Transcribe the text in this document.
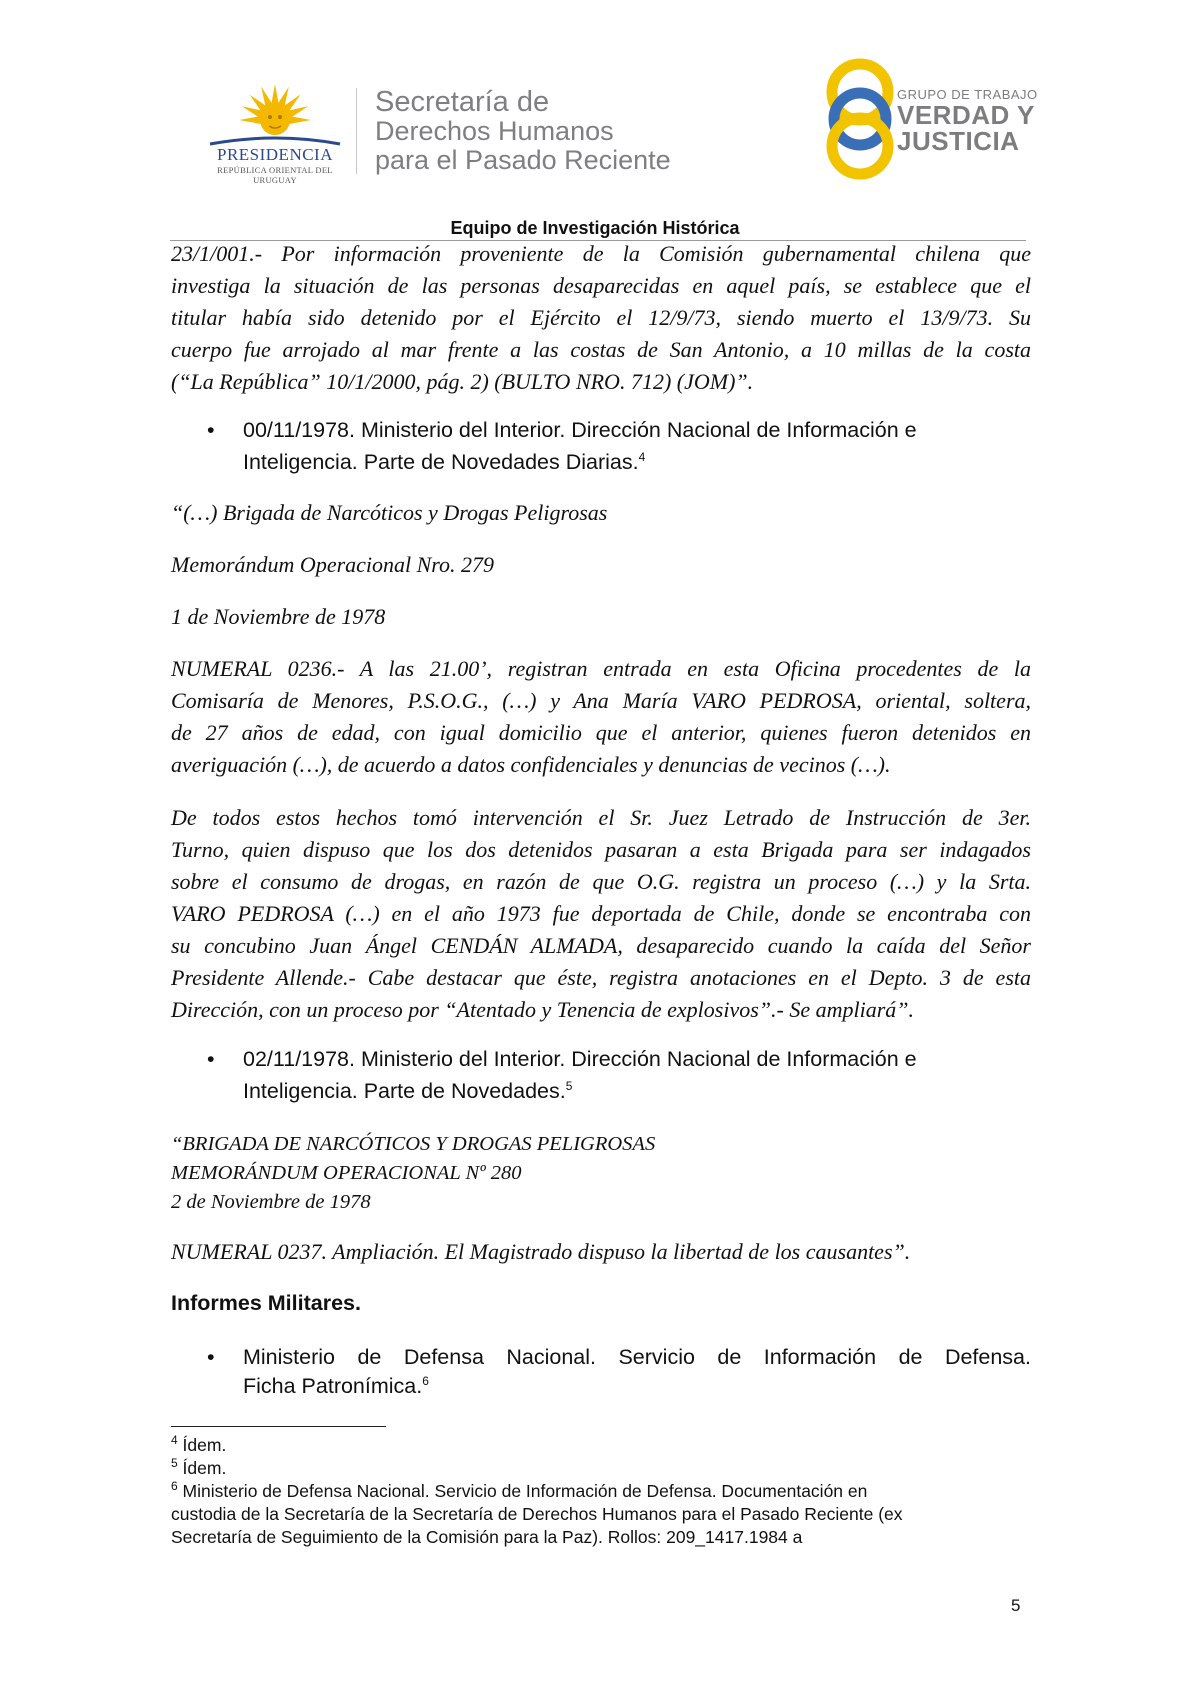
PRESIDENCIA
REPÚBLICA ORIENTAL DEL URUGUAY
Secretaría de
Derechos Humanos
para el Pasado Reciente
GRUPO DE TRABAJO
VERDAD Y
JUSTICIA
Equipo de Investigación Histórica
23/1/001.- Por información proveniente de la Comisión gubernamental chilena que
investiga la situación de las personas desaparecidas en aquel país, se establece que el
titular había sido detenido por el Ejército el 12/9/73, siendo muerto el 13/9/73. Su
cuerpo fue arrojado al mar frente a las costas de San Antonio, a 10 millas de la costa
(“La República” 10/1/2000, pág. 2) (BULTO NRO. 712) (JOM)”.
• 00/11/1978. Ministerio del Interior. Dirección Nacional de Información e
Inteligencia. Parte de Novedades Diarias.$^4$
“(…) Brigada de Narcóticos y Drogas Peligrosas
Memorándum Operacional Nro. 279
1 de Noviembre de 1978
NUMERAL 0236.- A las 21.00’, registran entrada en esta Oficina procedentes de la
Comisaría de Menores, P.S.O.G., (…) y Ana María VARO PEDROSA, oriental, soltera,
de 27 años de edad, con igual domicilio que el anterior, quienes fueron detenidos en
averiguación (…), de acuerdo a datos confidenciales y denuncias de vecinos (…).
De todos estos hechos tomó intervención el Sr. Juez Letrado de Instrucción de 3er.
Turno, quien dispuso que los dos detenidos pasaran a esta Brigada para ser indagados
sobre el consumo de drogas, en razón de que O.G. registra un proceso (…) y la Srta.
VARO PEDROSA (…) en el año 1973 fue deportada de Chile, donde se encontraba con
su concubino Juan Ángel CENDÁN ALMADA, desaparecido cuando la caída del Señor
Presidente Allende.- Cabe destacar que éste, registra anotaciones en el Depto. 3 de esta
Dirección, con un proceso por “Atentado y Tenencia de explosivos”.- Se ampliará”.
• 02/11/1978. Ministerio del Interior. Dirección Nacional de Información e
Inteligencia. Parte de Novedades.$^5$
“BRIGADA DE NARCÓTICOS Y DROGAS PELIGROSAS
MEMORÁNDUM OPERACIONAL Nº 280
2 de Noviembre de 1978
NUMERAL 0237. Ampliación. El Magistrado dispuso la libertad de los causantes”.
Informes Militares.
• Ministerio de Defensa Nacional. Servicio de Información de Defensa.
Ficha Patronímica.$^6$
$^4$ Ídem.
$^5$ Ídem.
$^6$ Ministerio de Defensa Nacional. Servicio de Información de Defensa. Documentación en
custodia de la Secretaría de la Secretaría de Derechos Humanos para el Pasado Reciente (ex
Secretaría de Seguimiento de la Comisión para la Paz). Rollos: 209_1417.1984 a
5
